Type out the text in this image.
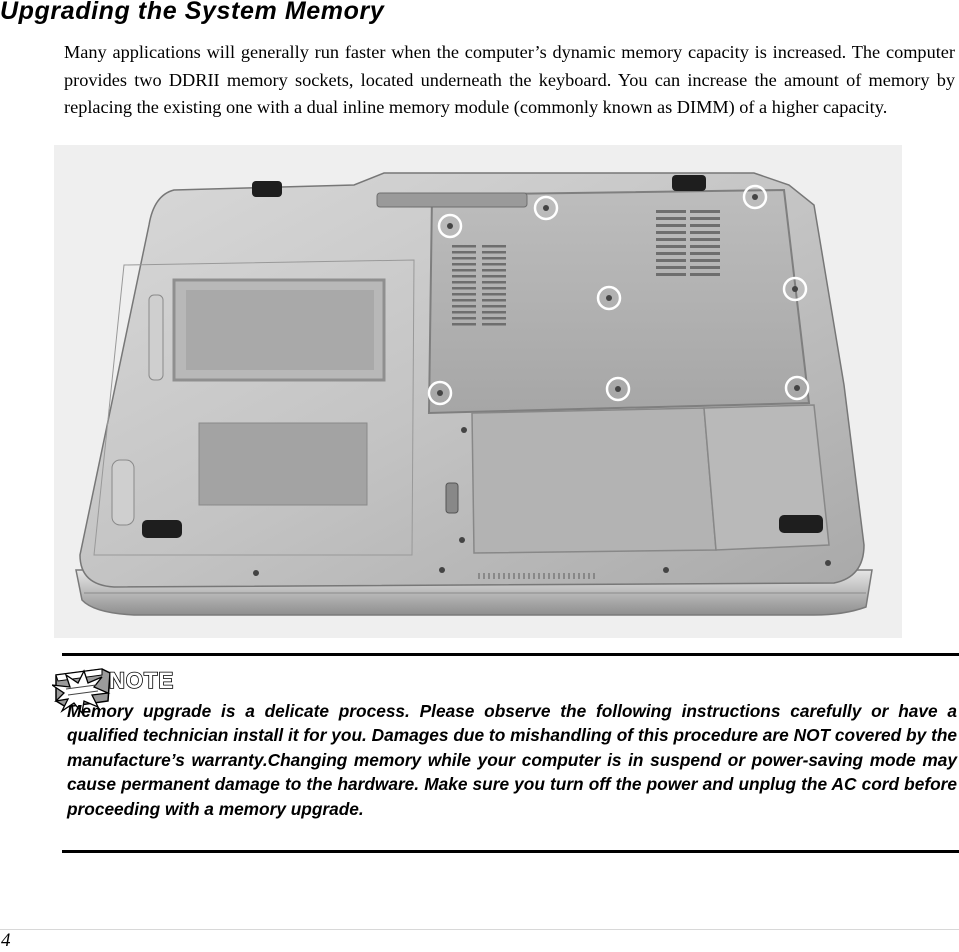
Upgrading the System Memory

Many applications will generally run faster when the computer’s dynamic memory capacity is increased. The computer provides two DDRII memory sockets, located underneath the keyboard. You can increase the amount of memory by replacing the existing one with a dual inline memory module (commonly known as DIMM) of a higher capacity.

NOTE

Memory upgrade is a delicate process. Please observe the following instructions carefully or have a qualified technician install it for you. Damages due to mishandling of this procedure are NOT covered by the manufacture’s warranty.Changing memory while your computer is in suspend or power-saving mode may cause permanent damage to the hardware. Make sure you turn off the power and unplug the AC cord before proceeding with a memory upgrade.

4
